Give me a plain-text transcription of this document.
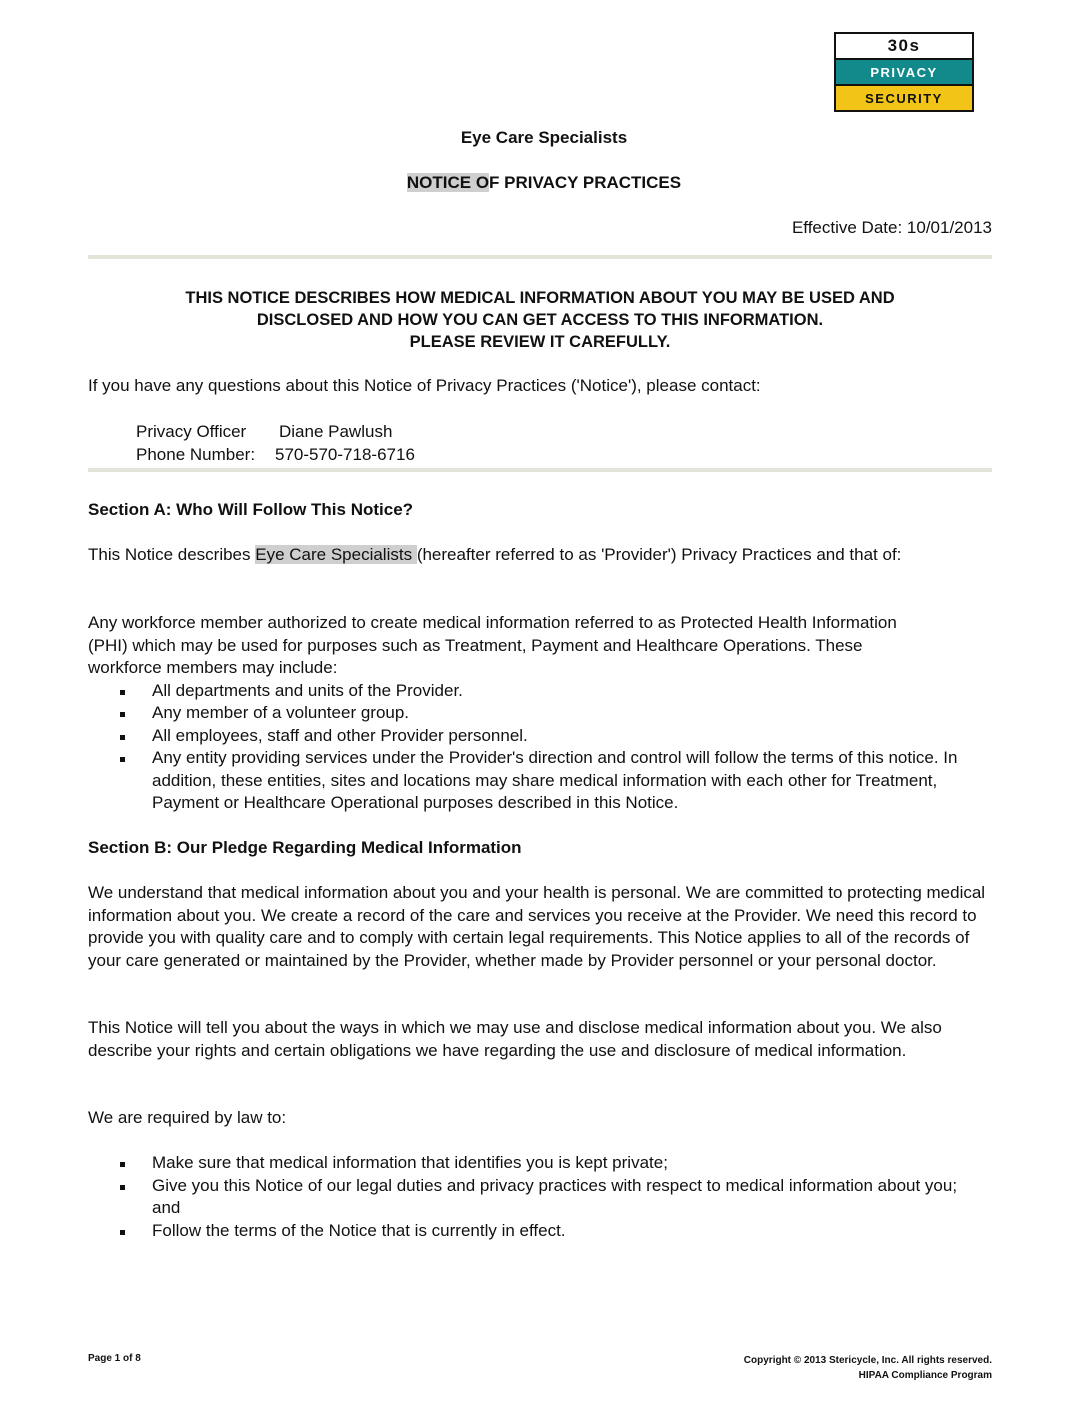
30s
PRIVACY
SECURITY
Eye Care Specialists
NOTICE OF PRIVACY PRACTICES
Effective Date: 10/01/2013
THIS NOTICE DESCRIBES HOW MEDICAL INFORMATION ABOUT YOU MAY BE USED AND
DISCLOSED AND HOW YOU CAN GET ACCESS TO THIS INFORMATION.
PLEASE REVIEW IT CAREFULLY.
If you have any questions about this Notice of Privacy Practices ('Notice'), please contact:
Privacy Officer Diane Pawlush
Phone Number: 570-570-718-6716
Section A: Who Will Follow This Notice?
This Notice describes Eye Care Specialists (hereafter referred to as 'Provider') Privacy Practices and that of:
Any workforce member authorized to create medical information referred to as Protected Health Information (PHI) which may be used for purposes such as Treatment, Payment and Healthcare Operations. These workforce members may include:
All departments and units of the Provider.
Any member of a volunteer group.
All employees, staff and other Provider personnel.
Any entity providing services under the Provider's direction and control will follow the terms of this notice. In addition, these entities, sites and locations may share medical information with each other for Treatment, Payment or Healthcare Operational purposes described in this Notice.
Section B: Our Pledge Regarding Medical Information
We understand that medical information about you and your health is personal. We are committed to protecting medical information about you. We create a record of the care and services you receive at the Provider. We need this record to provide you with quality care and to comply with certain legal requirements. This Notice applies to all of the records of your care generated or maintained by the Provider, whether made by Provider personnel or your personal doctor.
This Notice will tell you about the ways in which we may use and disclose medical information about you. We also describe your rights and certain obligations we have regarding the use and disclosure of medical information.
We are required by law to:
Make sure that medical information that identifies you is kept private;
Give you this Notice of our legal duties and privacy practices with respect to medical information about you; and
Follow the terms of the Notice that is currently in effect.
Page 1 of 8	Copyright © 2013 Stericycle, Inc. All rights reserved.
HIPAA Compliance Program
